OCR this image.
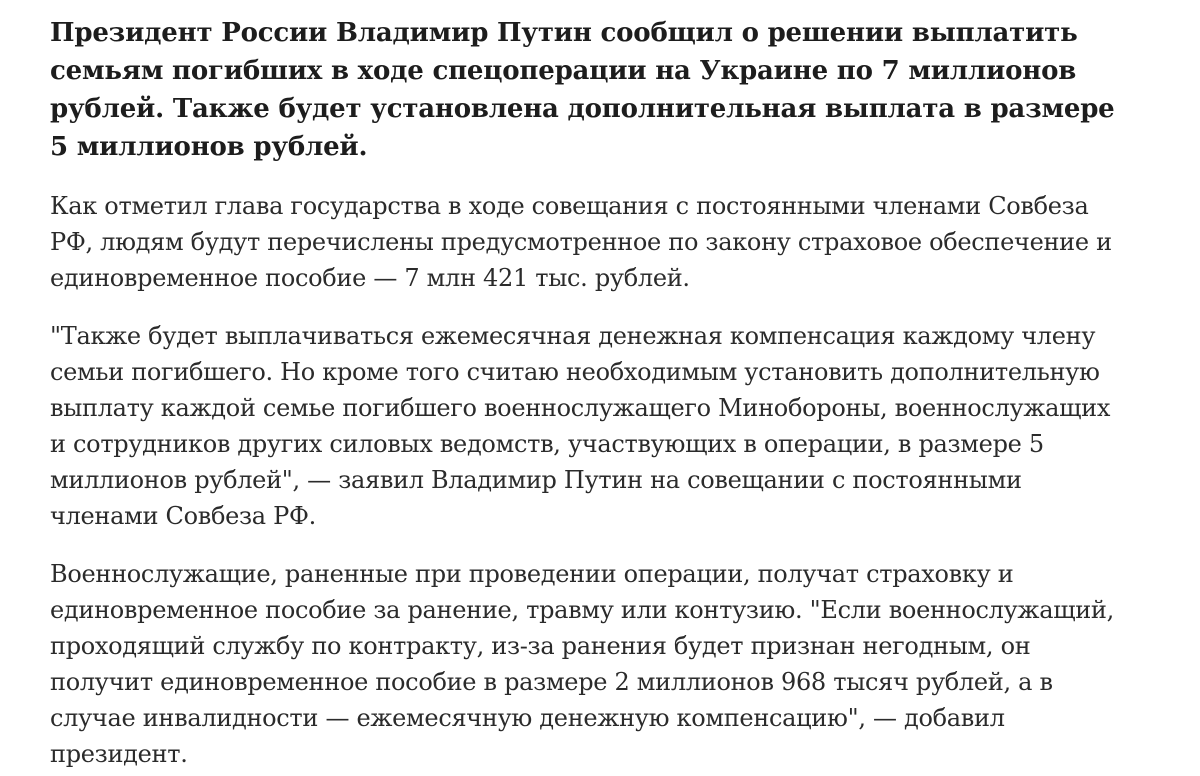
Президент России Владимир Путин сообщил о решении выплатить семьям погибших в ходе спецоперации на Украине по 7 миллионов рублей. Также будет установлена дополнительная выплата в размере 5 миллионов рублей.

Как отметил глава государства в ходе совещания с постоянными членами Совбеза РФ, людям будут перечислены предусмотренное по закону страховое обеспечение и единовременное пособие — 7 млн 421 тыс. рублей.

"Также будет выплачиваться ежемесячная денежная компенсация каждому члену семьи погибшего. Но кроме того считаю необходимым установить дополнительную выплату каждой семье погибшего военнослужащего Минобороны, военнослужащих и сотрудников других силовых ведомств, участвующих в операции, в размере 5 миллионов рублей", — заявил Владимир Путин на совещании с постоянными членами Совбеза РФ.

Военнослужащие, раненные при проведении операции, получат страховку и единовременное пособие за ранение, травму или контузию. "Если военнослужащий, проходящий службу по контракту, из-за ранения будет признан негодным, он получит единовременное пособие в размере 2 миллионов 968 тысяч рублей, а в случае инвалидности — ежемесячную денежную компенсацию", — добавил президент.
